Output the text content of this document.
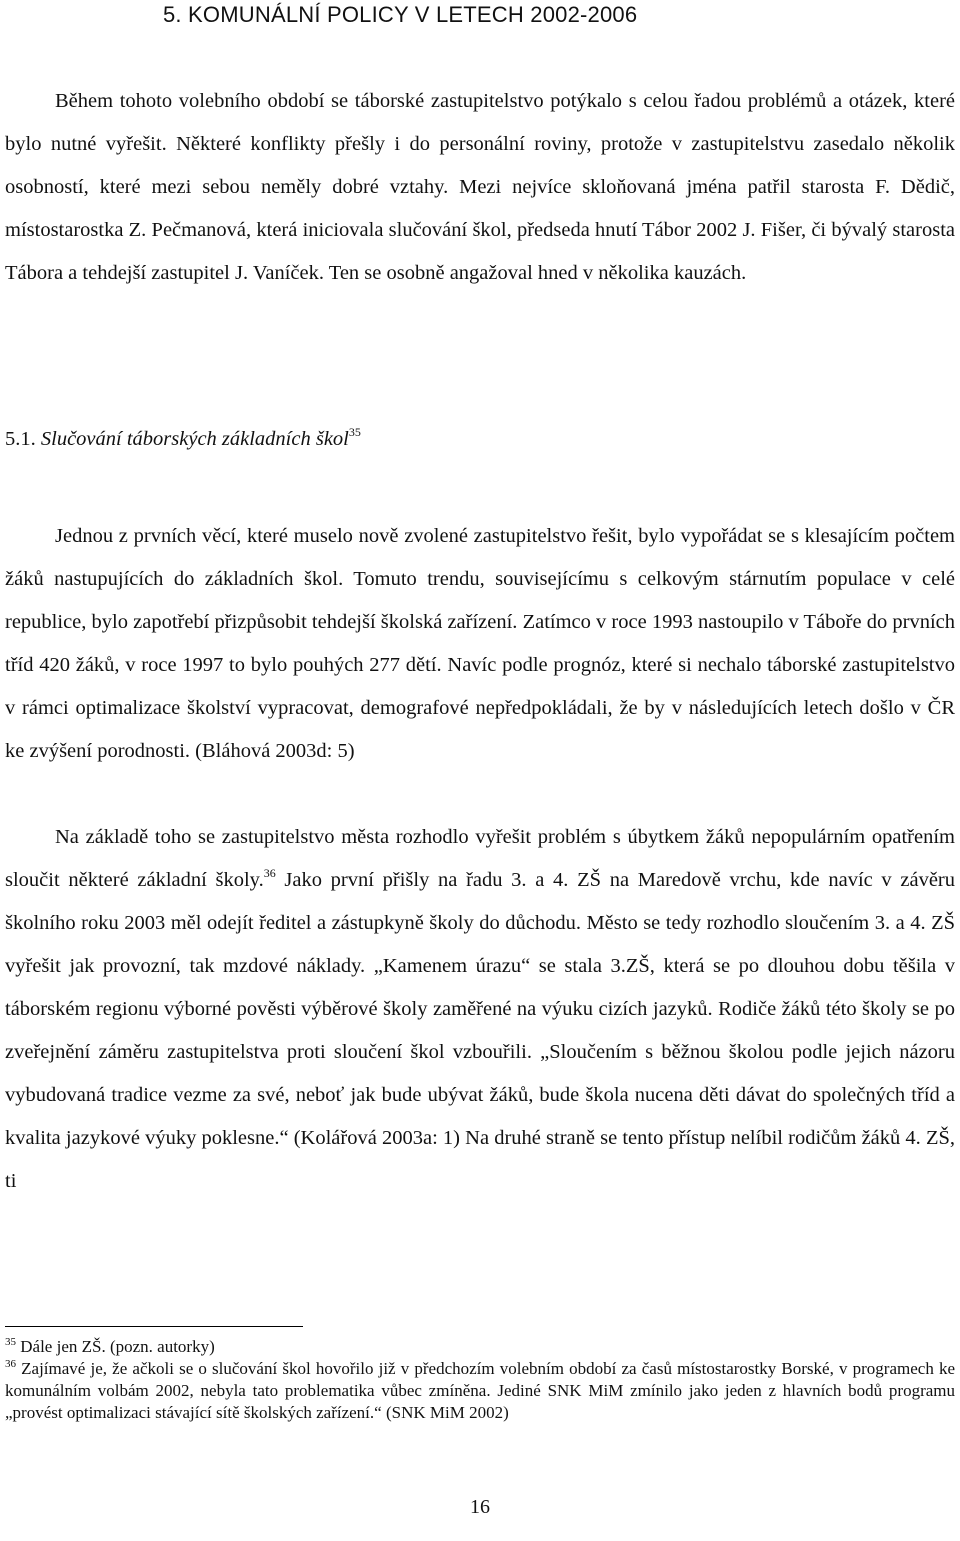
5. KOMUNÁLNÍ POLICY V LETECH 2002-2006
Během tohoto volebního období se táborské zastupitelstvo potýkalo s celou řadou problémů a otázek, které bylo nutné vyřešit. Některé konflikty přešly i do personální roviny, protože v zastupitelstvu zasedalo několik osobností, které mezi sebou neměly dobré vztahy. Mezi nejvíce skloňovaná jména patřil starosta F. Dědič, místostarostka Z. Pečmanová, která iniciovala slučování škol, předseda hnutí Tábor 2002 J. Fišer, či bývalý starosta Tábora a tehdejší zastupitel J. Vaníček. Ten se osobně angažoval hned v několika kauzách.
5.1. Slučování táborských základních škol$^{35}$
Jednou z prvních věcí, které muselo nově zvolené zastupitelstvo řešit, bylo vypořádat se s klesajícím počtem žáků nastupujících do základních škol. Tomuto trendu, souvisejícímu s celkovým stárnutím populace v celé republice, bylo zapotřebí přizpůsobit tehdejší školská zařízení. Zatímco v roce 1993 nastoupilo v Táboře do prvních tříd 420 žáků, v roce 1997 to bylo pouhých 277 dětí. Navíc podle prognóz, které si nechalo táborské zastupitelstvo v rámci optimalizace školství vypracovat, demografové nepředpokládali, že by v následujících letech došlo v ČR ke zvýšení porodnosti. (Bláhová 2003d: 5)
Na základě toho se zastupitelstvo města rozhodlo vyřešit problém s úbytkem žáků nepopulárním opatřením sloučit některé základní školy.$^{36}$ Jako první přišly na řadu 3. a 4. ZŠ na Maredově vrchu, kde navíc v závěru školního roku 2003 měl odejít ředitel a zástupkyně školy do důchodu. Město se tedy rozhodlo sloučením 3. a 4. ZŠ vyřešit jak provozní, tak mzdové náklady. „Kamenem úrazu“ se stala 3.ZŠ, která se po dlouhou dobu těšila v táborském regionu výborné pověsti výběrové školy zaměřené na výuku cizích jazyků. Rodiče žáků této školy se po zveřejnění záměru zastupitelstva proti sloučení škol vzbouřili. „Sloučením s běžnou školou podle jejich názoru vybudovaná tradice vezme za své, neboť jak bude ubývat žáků, bude škola nucena děti dávat do společných tříd a kvalita jazykové výuky poklesne.“ (Kolářová 2003a: 1) Na druhé straně se tento přístup nelíbil rodičům žáků 4. ZŠ, ti
$^{35}$ Dále jen ZŠ. (pozn. autorky)
$^{36}$ Zajímavé je, že ačkoli se o slučování škol hovořilo již v předchozím volebním období za časů místostarostky Borské, v programech ke komunálním volbám 2002, nebyla tato problematika vůbec zmíněna. Jediné SNK MiM zmínilo jako jeden z hlavních bodů programu „provést optimalizaci stávající sítě školských zařízení.“ (SNK MiM 2002)
16
